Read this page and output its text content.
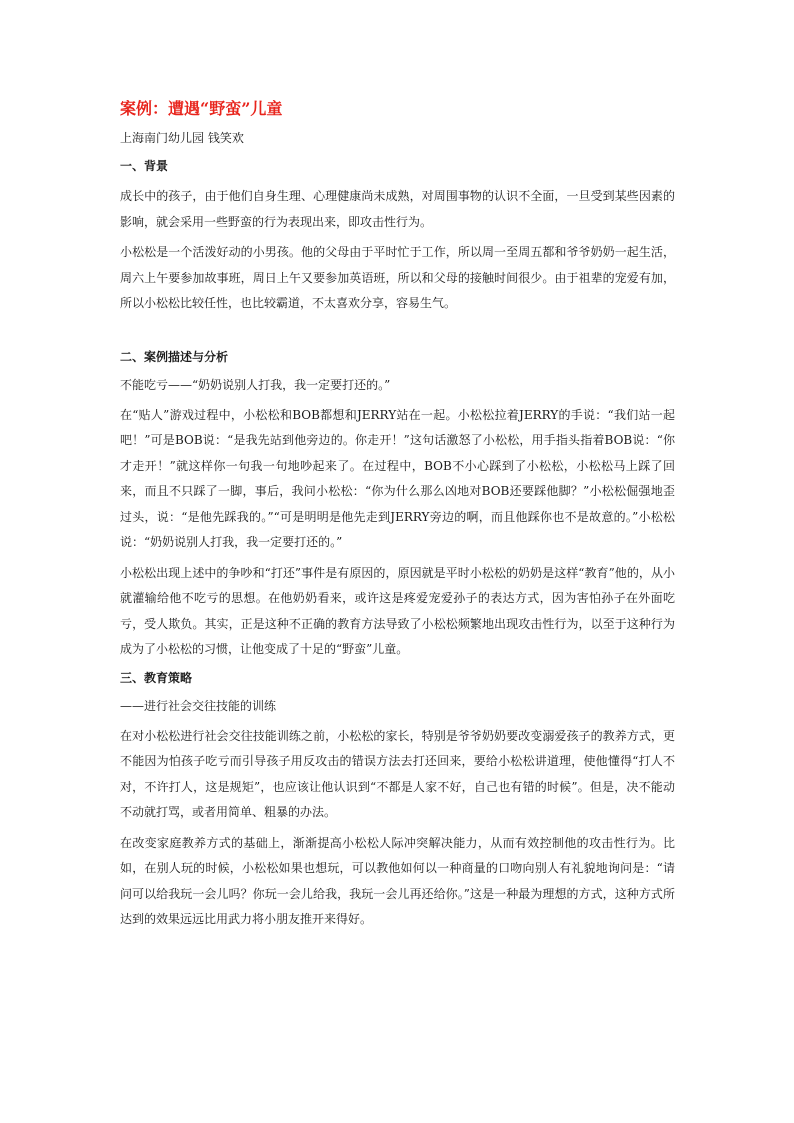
案例：遭遇“野蛮”儿童
上海南门幼儿园 钱笑欢
一、背景

成长中的孩子，由于他们自身生理、心理健康尚未成熟，对周围事物的认识不全面，一旦受到某些因素的影响，就会采用一些野蛮的行为表现出来，即攻击性行为。

小松松是一个活泼好动的小男孩。他的父母由于平时忙于工作，所以周一至周五都和爷爷奶奶一起生活，周六上午要参加故事班，周日上午又要参加英语班，所以和父母的接触时间很少。由于祖辈的宠爱有加，所以小松松比较任性，也比较霸道，不太喜欢分享，容易生气。

二、案例描述与分析
不能吃亏——“奶奶说别人打我，我一定要打还的。”

在“贴人”游戏过程中，小松松和BOB都想和JERRY站在一起。小松松拉着JERRY的手说：“我们站一起吧！”可是BOB说：“是我先站到他旁边的。你走开！”这句话激怒了小松松，用手指头指着BOB说：“你才走开！”就这样你一句我一句地吵起来了。在过程中，BOB不小心踩到了小松松，小松松马上踩了回来，而且不只踩了一脚，事后，我问小松松：“你为什么那么凶地对BOB还要踩他脚？”小松松倔强地歪过头，说：“是他先踩我的。”“可是明明是他先走到JERRY旁边的啊，而且他踩你也不是故意的。”小松松说：“奶奶说别人打我，我一定要打还的。”

小松松出现上述中的争吵和“打还”事件是有原因的，原因就是平时小松松的奶奶是这样“教育”他的，从小就灌输给他不吃亏的思想。在他奶奶看来，或许这是疼爱宠爱孙子的表达方式，因为害怕孙子在外面吃亏，受人欺负。其实，正是这种不正确的教育方法导致了小松松频繁地出现攻击性行为，以至于这种行为成为了小松松的习惯，让他变成了十足的“野蛮”儿童。

三、教育策略
——进行社会交往技能的训练

在对小松松进行社会交往技能训练之前，小松松的家长，特别是爷爷奶奶要改变溺爱孩子的教养方式，更不能因为怕孩子吃亏而引导孩子用反攻击的错误方法去打还回来，要给小松松讲道理，使他懂得“打人不对，不许打人，这是规矩”，也应该让他认识到“不都是人家不好，自己也有错的时候”。但是，决不能动不动就打骂，或者用简单、粗暴的办法。

在改变家庭教养方式的基础上，渐渐提高小松松人际冲突解决能力，从而有效控制他的攻击性行为。比如，在别人玩的时候，小松松如果也想玩，可以教他如何以一种商量的口吻向别人有礼貌地询问是：“请问可以给我玩一会儿吗？你玩一会儿给我，我玩一会儿再还给你。”这是一种最为理想的方式，这种方式所达到的效果远远比用武力将小朋友推开来得好。
